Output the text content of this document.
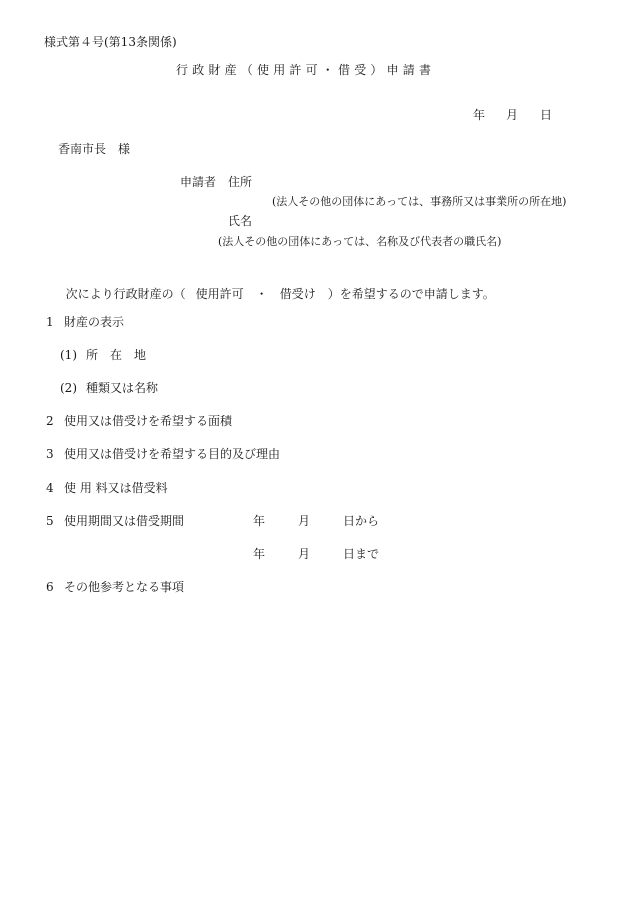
様式第４号(第13条関係)
行政財産（使用許可・借受）申請書
年 月 日
香南市長　様
申請者 住所
(法人その他の団体にあっては、事務所又は事業所の所在地)
氏名
(法人その他の団体にあっては、名称及び代表者の職氏名)

次により行政財産の（ 使用許可 ・ 借受け ）を希望するので申請します。

1 財産の表示
(1) 所　在　地
(2) 種類又は名称
2 使用又は借受けを希望する面積
3 使用又は借受けを希望する目的及び理由
4 使 用 料又は借受料
5 使用期間又は借受期間	年	月	日から
年	月	日まで
6 その他参考となる事項
